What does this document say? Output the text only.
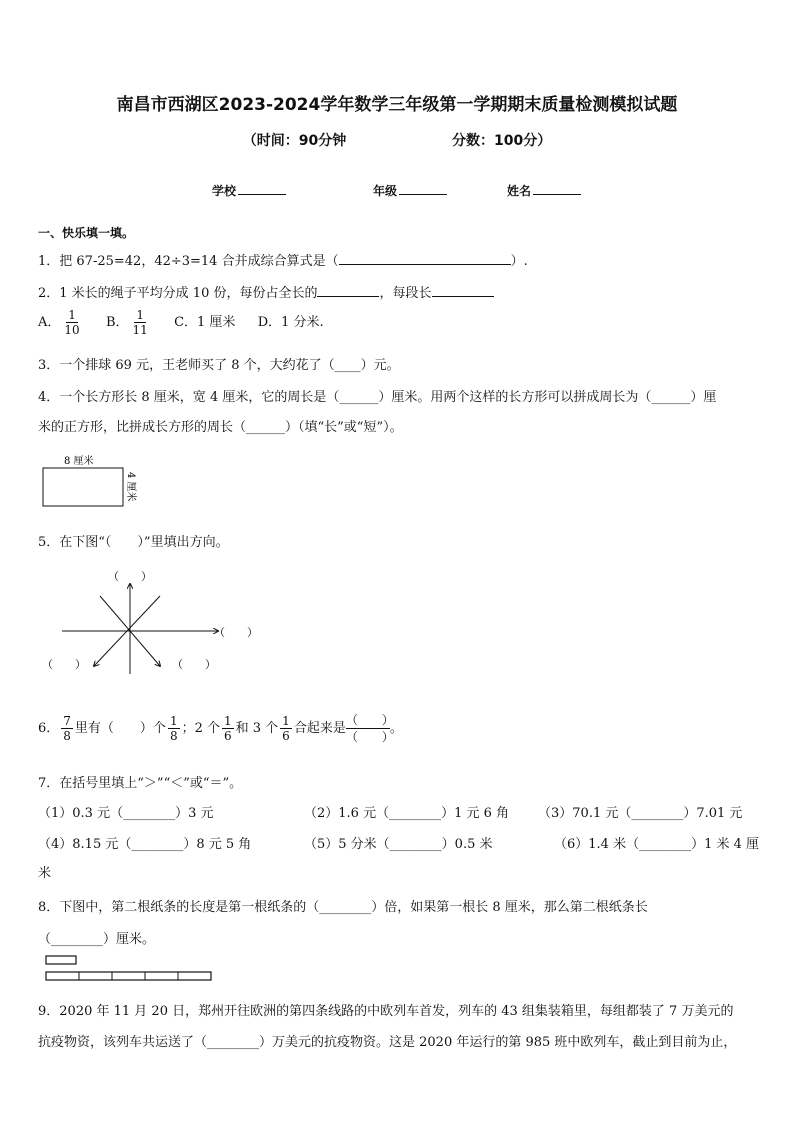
南昌市西湖区2023-2024学年数学三年级第一学期期末质量检测模拟试题
（时间：90分钟	分数：100分）
学校	年级	姓名
一、快乐填一填。
1．把 67-25=42，42÷3=14 合并成综合算式是（	）.
2．1 米长的绳子平均分成 10 份，每份占全长的	，每段长
A． $\frac{1}{10}$ B． $\frac{1}{11}$ C．1 厘米 D．1 分米.
3．一个排球 69 元，王老师买了 8 个，大约花了（____）元。
4．一个长方形长 8 厘米，宽 4 厘米，它的周长是（______）厘米。用两个这样的长方形可以拼成周长为（______）厘
米的正方形，比拼成长方形的周长（______）（填“长”或“短”）。
8 厘米
4 厘米
5．在下图“（　　）”里填出方向。
（　　）
（　　）
（　　）	（　　）
6． $\frac{7}{8}$ 里有（　　）个 $\frac{1}{8}$ ；2 个 $\frac{1}{6}$ 和 3 个 $\frac{1}{6}$ 合起来是
（　　）
（　　）
。
7．在括号里填上“＞”“＜”或“＝”。
（1）0.3 元（________）3 元	（2）1.6 元（________）1 元 6 角 （3）70.1 元（________）7.01 元
（4）8.15 元（________）8 元 5 角	（5）5 分米（________）0.5 米	（6）1.4 米（________）1 米 4 厘
米
8．下图中，第二根纸条的长度是第一根纸条的（________）倍，如果第一根长 8 厘米，那么第二根纸条长
（________）厘米。
9．2020 年 11 月 20 日，郑州开往欧洲的第四条线路的中欧列车首发，列车的 43 组集装箱里，每组都装了 7 万美元的
抗疫物资，该列车共运送了（________）万美元的抗疫物资。这是 2020 年运行的第 985 班中欧列车，截止到目前为止，
